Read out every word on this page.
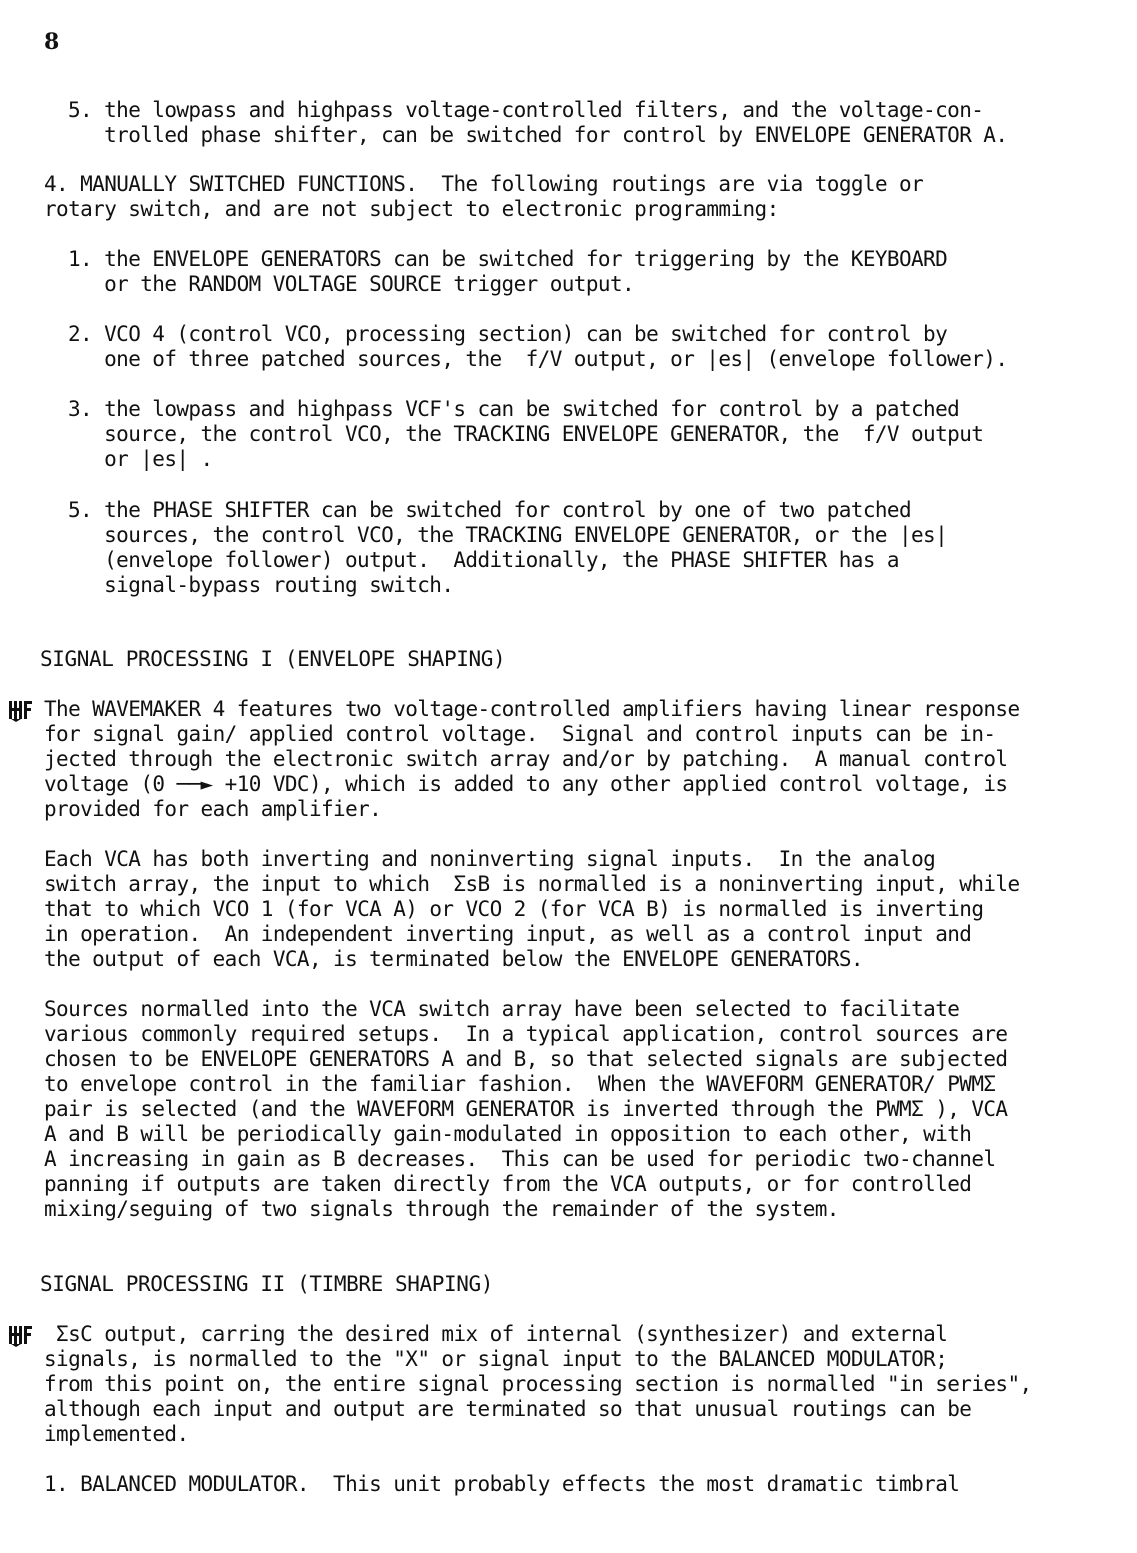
8

5. the lowpass and highpass voltage-controlled filters, and the voltage-con-
trolled phase shifter, can be switched for control by ENVELOPE GENERATOR A.

4. MANUALLY SWITCHED FUNCTIONS.  The following routings are via toggle or
rotary switch, and are not subject to electronic programming:

1. the ENVELOPE GENERATORS can be switched for triggering by the KEYBOARD
or the RANDOM VOLTAGE SOURCE trigger output.

2. VCO 4 (control VCO, processing section) can be switched for control by
one of three patched sources, the  f/V output, or |es| (envelope follower).

3. the lowpass and highpass VCF's can be switched for control by a patched
source, the control VCO, the TRACKING ENVELOPE GENERATOR, the  f/V output
or |es| .

5. the PHASE SHIFTER can be switched for control by one of two patched
sources, the control VCO, the TRACKING ENVELOPE GENERATOR, or the |es|
(envelope follower) output.  Additionally, the PHASE SHIFTER has a
signal-bypass routing switch.

SIGNAL PROCESSING I (ENVELOPE SHAPING)

The WAVEMAKER 4 features two voltage-controlled amplifiers having linear response
for signal gain/ applied control voltage.  Signal and control inputs can be in-
jected through the electronic switch array and/or by patching.  A manual control
voltage (0 ──► +10 VDC), which is added to any other applied control voltage, is
provided for each amplifier.

Each VCA has both inverting and noninverting signal inputs.  In the analog
switch array, the input to which  ΣsB is normalled is a noninverting input, while
that to which VCO 1 (for VCA A) or VCO 2 (for VCA B) is normalled is inverting
in operation.  An independent inverting input, as well as a control input and
the output of each VCA, is terminated below the ENVELOPE GENERATORS.

Sources normalled into the VCA switch array have been selected to facilitate
various commonly required setups.  In a typical application, control sources are
chosen to be ENVELOPE GENERATORS A and B, so that selected signals are subjected
to envelope control in the familiar fashion.  When the WAVEFORM GENERATOR/ PWMΣ
pair is selected (and the WAVEFORM GENERATOR is inverted through the PWMΣ ), VCA
A and B will be periodically gain-modulated in opposition to each other, with
A increasing in gain as B decreases.  This can be used for periodic two-channel
panning if outputs are taken directly from the VCA outputs, or for controlled
mixing/seguing of two signals through the remainder of the system.

SIGNAL PROCESSING II (TIMBRE SHAPING)

ΣsC output, carring the desired mix of internal (synthesizer) and external
signals, is normalled to the "X" or signal input to the BALANCED MODULATOR;
from this point on, the entire signal processing section is normalled "in series",
although each input and output are terminated so that unusual routings can be
implemented.

1. BALANCED MODULATOR.  This unit probably effects the most dramatic timbral
